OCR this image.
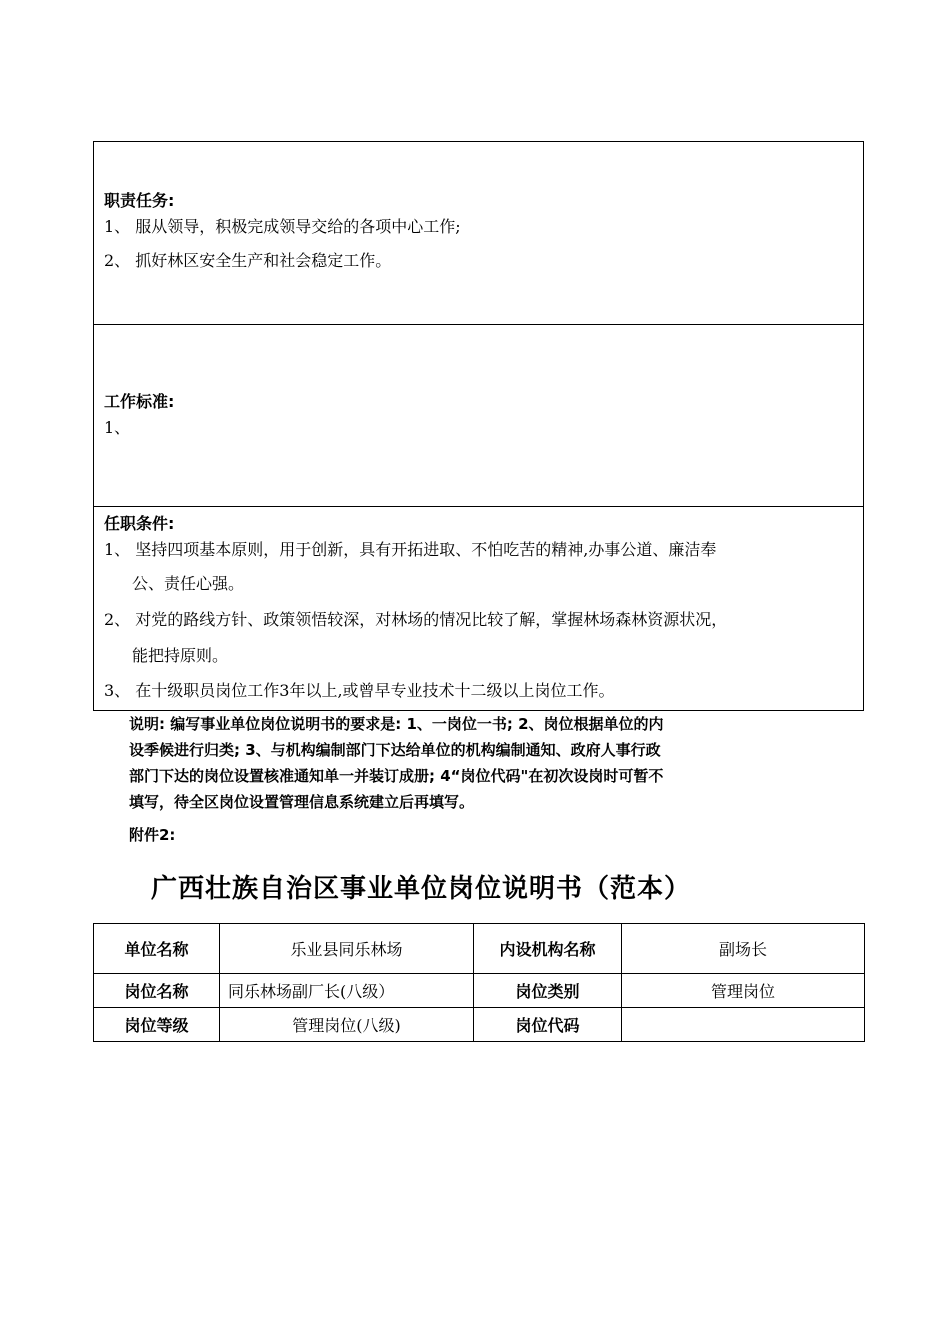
职责任务:
1、 服从领导，积极完成领导交给的各项中心工作;
2、 抓好林区安全生产和社会稳定工作。
工作标准:
1、
任职条件:
1、 坚持四项基本原则，用于创新，具有开拓进取、不怕吃苦的精神,办事公道、廉洁奉
公、责任心强。
2、 对党的路线方针、政策领悟较深，对林场的情况比较了解，掌握林场森林资源状况，
能把持原则。
3、 在十级职员岗位工作3年以上,或曾早专业技术十二级以上岗位工作。
说明: 编写事业单位岗位说明书的要求是: 1、一岗位一书; 2、岗位根据单位的内
设季候进行归类; 3、与机构编制部门下达给单位的机构编制通知、政府人事行政
部门下达的岗位设置核准通知单一并装订成册; 4“岗位代码"在初次设岗时可暂不
填写，待全区岗位设置管理信息系统建立后再填写。
附件2:
广西壮族自治区事业单位岗位说明书（范本）
单位名称	乐业县同乐林场	内设机构名称	副场长
岗位名称	同乐林场副厂长(八级）	岗位类别	管理岗位
岗位等级	管理岗位(八级)	岗位代码	
